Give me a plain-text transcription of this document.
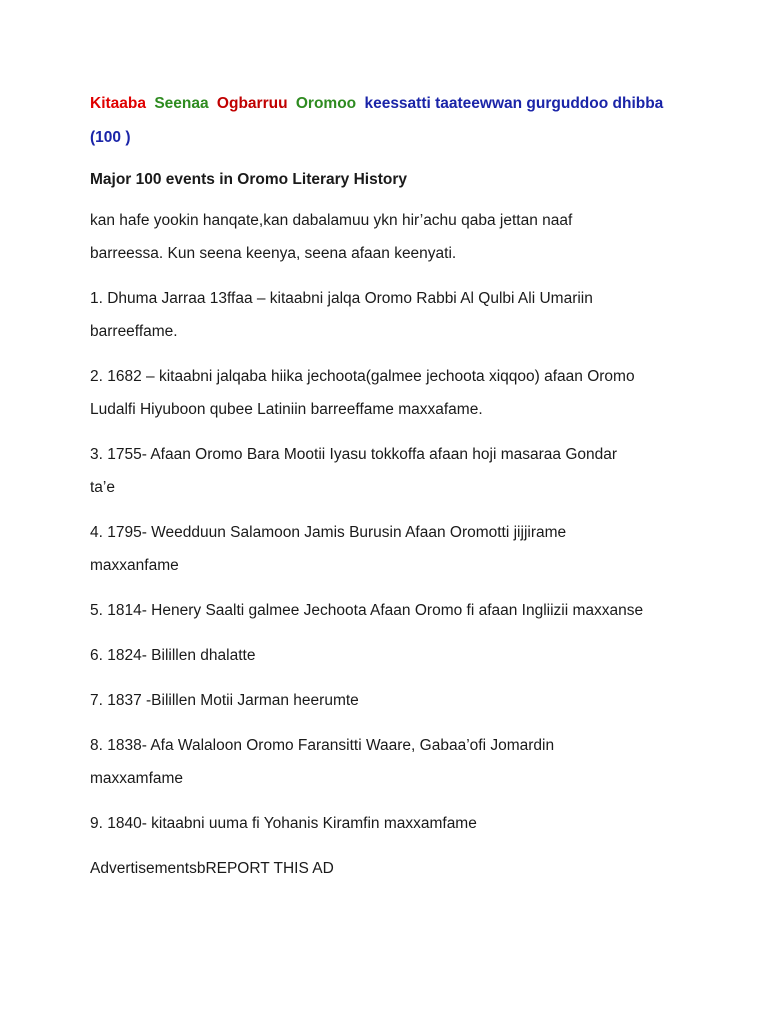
Kitaaba Seenaa Ogbarruu Oromoo keessatti taateewwan gurguddoo dhibba
(100 )
Major 100 events in Oromo Literary History

kan hafe yookin hanqate,kan dabalamuu ykn hir’achu qaba jettan naaf

barreessa. Kun seena keenya, seena afaan keenyati.

1. Dhuma Jarraa 13ffaa – kitaabni jalqa Oromo Rabbi Al Qulbi Ali Umariin

barreeffame.

2. 1682 – kitaabni jalqaba hiika jechoota(galmee jechoota xiqqoo) afaan Oromo

Ludalfi Hiyuboon qubee Latiniin barreeffame maxxafame.

3. 1755- Afaan Oromo Bara Mootii Iyasu tokkoffa afaan hoji masaraa Gondar

ta’e

4. 1795- Weedduun Salamoon Jamis Burusin Afaan Oromotti jijjirame

maxxanfame

5. 1814- Henery Saalti galmee Jechoota Afaan Oromo fi afaan Ingliizii maxxanse

6. 1824- Bilillen dhalatte

7. 1837 -Bilillen Motii Jarman heerumte

8. 1838- Afa Walaloon Oromo Faransitti Waare, Gabaa’ofi Jomardin

maxxamfame

9. 1840- kitaabni uuma fi Yohanis Kiramfin maxxamfame

AdvertisementsbREPORT THIS AD
